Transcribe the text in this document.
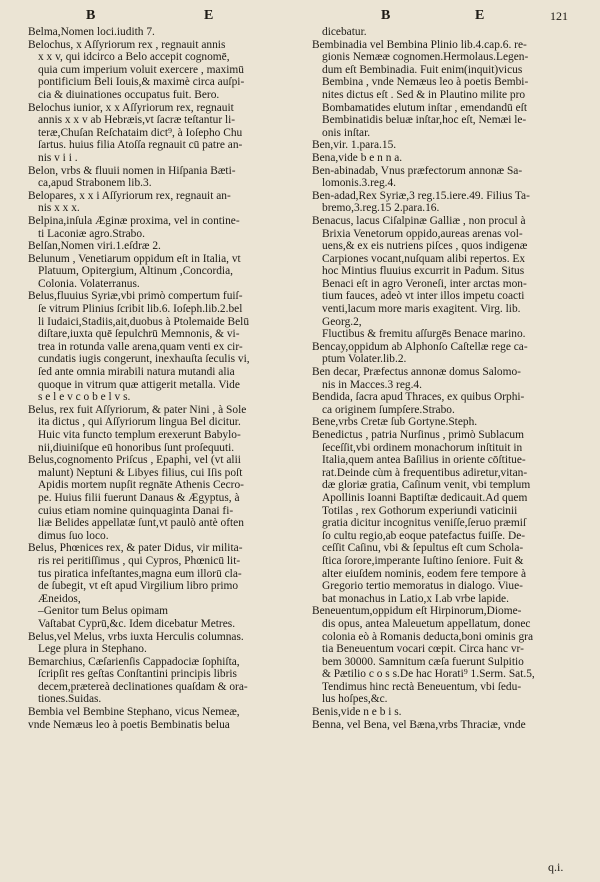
B	E	B	E	121
Belma,Nomen loci.iudith 7.
Belochus, x Aſſyriorum rex , regnauit annis
x x v, qui idcirco a Belo accepit cognomē,
quia cum imperium voluit exercere , maximū
pontificium Beli Iouis,& maximè circa auſpi-
cia & diuinationes occupatus fuit. Bero.
Belochus iunior, x x Aſſyriorum rex, regnauit
annis x x v ab Hebræis,vt ſacræ teſtantur li-
teræ,Chuſan Reſchataim dict⁹, à Ioſepho Chu
ſartus. huius filia Atoſſa regnauit cū patre an-
nis v i i .
Belon, vrbs & fluuii nomen in Hiſpania Bæti-
ca,apud Strabonem lib.3.
Belopares, x x i Aſſyriorum rex, regnauit an-
nis x x x.
Belpina,inſula Æginæ proxima, vel in contine-
ti Laconiæ agro.Strabo.
Belſan,Nomen viri.1.eſdræ 2.
Belunum , Venetiarum oppidum eſt in Italia, vt
Platuum, Opitergium, Altinum ,Concordia,
Colonia. Volaterranus.
Belus,fluuius Syriæ,vbi primò compertum fuiſ-
ſe vitrum Plinius ſcribit lib.6. Ioſeph.lib.2.bel
li Iudaici,Stadiis,ait,duobus à Ptolemaide Belū
diſtare,iuxta quē ſepulchrū Memnonis, & vi-
trea in rotunda valle arena,quam venti ex cir-
cundatis iugis congerunt, inexhauſta ſeculis vi,
ſed ante omnia mirabili natura mutandi alia
quoque in vitrum quæ attigerit metalla. Vide
s e l e v c o b e l v s.
Belus, rex fuit Aſſyriorum, & pater Nini , à Sole
ita dictus , qui Aſſyriorum lingua Bel dicitur.
Huic vita functo templum erexerunt Babylo-
nii,diuiniſque eū honoribus ſunt proſequuti.
Belus,cognomento Priſcus , Epaphi, vel (vt alii
malunt) Neptuni & Libyes filius, cui Iſis poſt
Apidis mortem nupſit regnāte Athenis Cecro-
pe. Huius filii fuerunt Danaus & Ægyptus, à
cuius etiam nomine quinquaginta Danai fi-
liæ Belides appellatæ ſunt,vt paulò antè often
dimus ſuo loco.
Belus, Phœnices rex, & pater Didus, vir milita-
ris rei peritiſſimus , qui Cypros, Phœnicū lit-
tus piratica infeſtantes,magna eum illorū cla-
de ſubegit, vt eſt apud Virgilium libro primo
Æneidos,
–Genitor tum Belus opimam
Vaſtabat Cyprū,&c. Idem dicebatur Metres.
Belus,vel Melus, vrbs iuxta Herculis columnas.
Lege plura in Stephano.
Bemarchius, Cæſarienſis Cappadociæ ſophiſta,
ſcripſit res geſtas Conſtantini principis libris
decem,prætereà declinationes quaſdam & ora-
tiones.Suidas.
Bembia vel Bembine Stephano, vicus Nemeæ,
vnde Nemæus leo à poetis Bembinatis belua
dicebatur.
Bembinadia vel Bembina Plinio lib.4.cap.6. re-
gionis Nemææ cognomen.Hermolaus.Legen-
dum eſt Bembinadia. Fuit enim(inquit)vicus
Bembina , vnde Nemæus leo à poetis Bembi-
nites dictus eſt . Sed & in Plautino milite pro
Bombamatides elutum inſtar , emendandū eſt
Bembinatidis beluæ inſtar,hoc eſt, Nemæi le-
onis inſtar.
Ben,vir. 1.para.15.
Bena,vide b e n n a.
Ben-abinadab, Vnus præfectorum annonæ Sa-
lomonis.3.reg.4.
Ben-adad,Rex Syriæ,3 reg.15.iere.49. Filius Ta-
bremo,3.reg.15 2.para.16.
Benacus, lacus Ciſalpinæ Galliæ , non procul à
Brixia Venetorum oppido,aureas arenas vol-
uens,& ex eis nutriens piſces , quos indigenæ
Carpiones vocant,nuſquam alibi repertos. Ex
hoc Mintius fluuius excurrit in Padum. Situs
Benaci eſt in agro Veroneſi, inter arctas mon-
tium fauces, adeò vt inter illos impetu coacti
venti,lacum more maris exagitent. Virg. lib.
Georg.2,
Fluctibus & fremitu aſſurgēs Benace marino.
Bencay,oppidum ab Alphonſo Caſtellæ rege ca-
ptum Volater.lib.2.
Ben decar, Præfectus annonæ domus Salomo-
nis in Macces.3 reg.4.
Bendida, ſacra apud Thraces, ex quibus Orphi-
ca originem ſumpſere.Strabo.
Bene,vrbs Cretæ ſub Gortyne.Steph.
Benedictus , patria Nurſinus , primò Sublacum
ſeceſſit,vbi ordinem monachorum inſtituit in
Italia,quem antea Baſilius in oriente cōſtitue-
rat.Deinde cùm à frequentibus adiretur,vitan-
dæ gloriæ gratia, Caſinum venit, vbi templum
Apollinis Ioanni Baptiſtæ dedicauit.Ad quem
Totilas , rex Gothorum experiundi vaticinii
gratia dicitur incognitus veniſſe,ſeruo præmiſ
ſo cultu regio,ab eoque patefactus fuiſſe. De-
ceſſit Caſinu, vbi & ſepultus eſt cum Schola-
ſtica ſorore,imperante Iuſtino ſeniore. Fuit &
alter eiuſdem nominis, eodem fere tempore à
Gregorio tertio memoratus in dialogo. Viue-
bat monachus in Latio,x I.ab vrbe lapide.
Beneuentum,oppidum eſt Hirpinorum,Diome-
dis opus, antea Maleuetum appellatum, donec
colonia eò à Romanis deducta,boni ominis gra
tia Beneuentum vocari cœpit. Circa hanc vr-
bem 30000. Samnitum cæſa fuerunt Sulpitio
& Pætilio c o s s.De hac Horati⁹ 1.Serm. Sat.5,
Tendimus hinc rectà Beneuentum, vbi ſedu-
lus hoſpes,&c.
Benis,vide n e b i s.
Benna, vel Bena, vel Bæna,vrbs Thraciæ, vnde
q.i.
